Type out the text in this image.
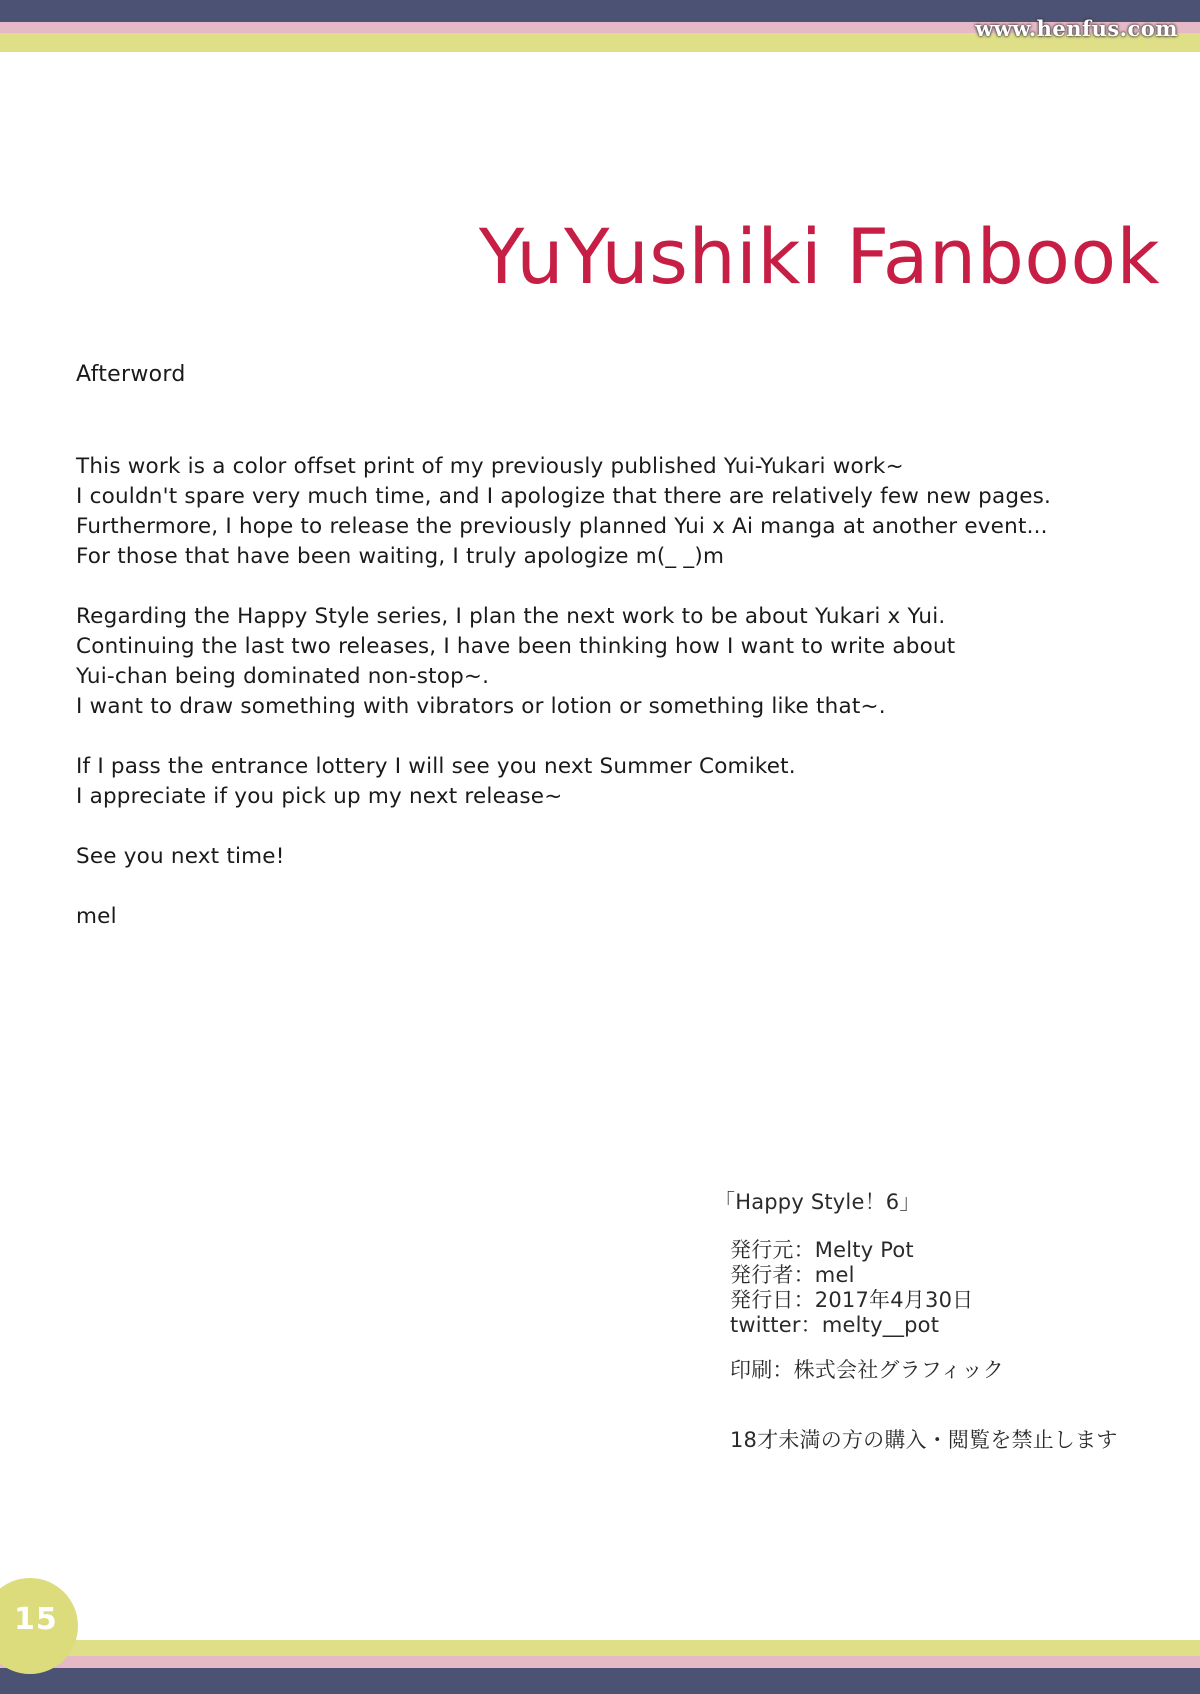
www.henfus.com
YuYushiki Fanbook
Afterword

This work is a color offset print of my previously published Yui-Yukari work~
I couldn't spare very much time, and I apologize that there are relatively few new pages.
Furthermore, I hope to release the previously planned Yui x Ai manga at another event...
For those that have been waiting, I truly apologize m(_ _)m

Regarding the Happy Style series, I plan the next work to be about Yukari x Yui.
Continuing the last two releases, I have been thinking how I want to write about
Yui-chan being dominated non-stop~.
I want to draw something with vibrators or lotion or something like that~.

If I pass the entrance lottery I will see you next Summer Comiket.
I appreciate if you pick up my next release~

See you next time!

mel

「Happy Style！6」
発行元：Melty Pot
発行者：mel
発行日：2017年4月30日
twitter：melty__pot
印刷：株式会社グラフィック
18才未満の方の購入・閲覧を禁止します
15
